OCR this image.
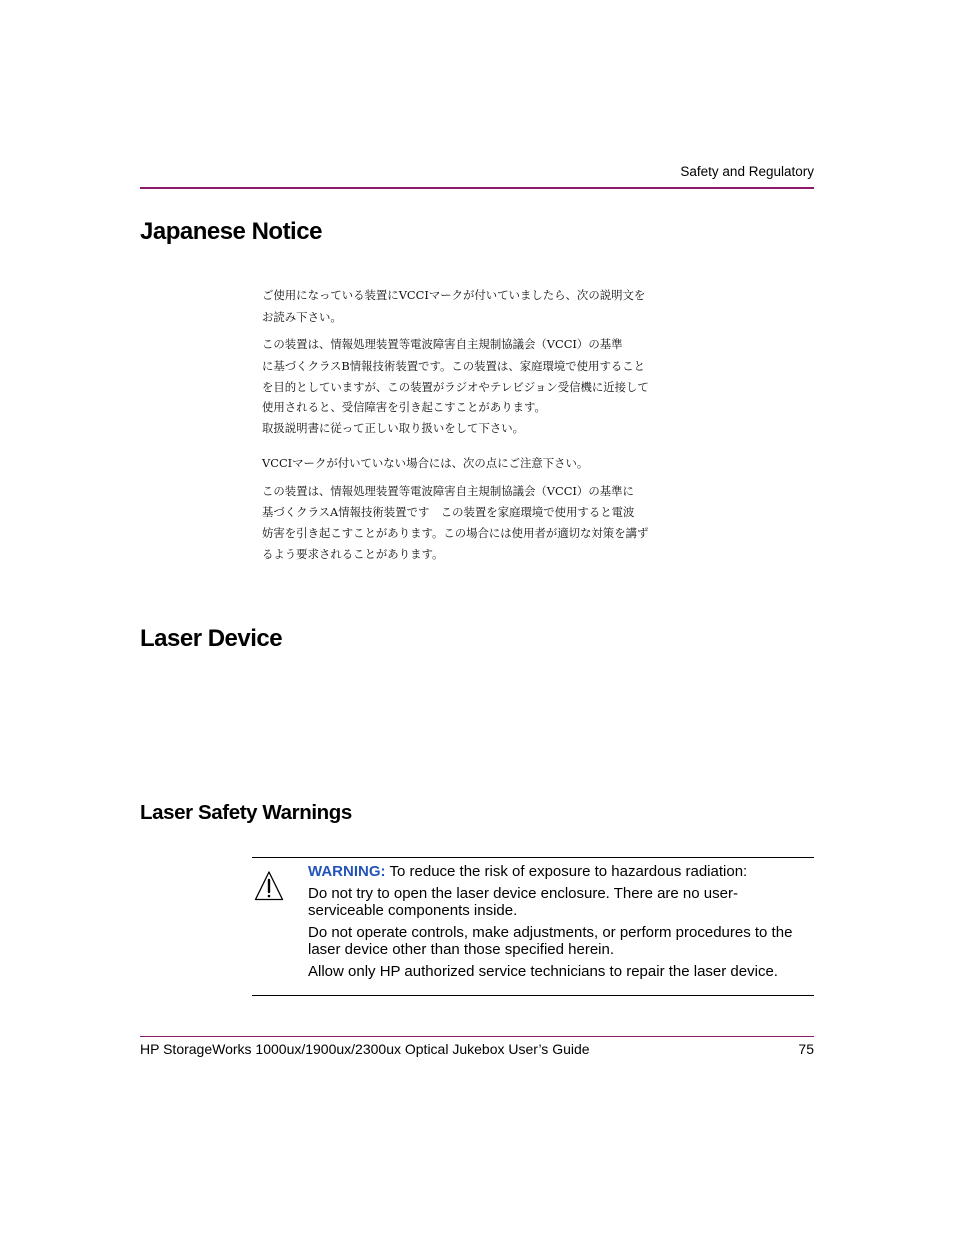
Safety and Regulatory
Japanese Notice
ご使用になっている装置にVCCIマークが付いていましたら、次の説明文を
お読み下さい。
この装置は、情報処理装置等電波障害自主規制協議会（VCCI）の基準
に基づくクラスB情報技術装置です。この装置は、家庭環境で使用すること
を目的としていますが、この装置がラジオやテレビジョン受信機に近接して
使用されると、受信障害を引き起こすことがあります。
取扱説明書に従って正しい取り扱いをして下さい。
VCCIマークが付いていない場合には、次の点にご注意下さい。
この装置は、情報処理装置等電波障害自主規制協議会（VCCI）の基準に
基づくクラスA情報技術装置です　この装置を家庭環境で使用すると電波
妨害を引き起こすことがあります。この場合には使用者が適切な対策を講ず
るよう要求されることがあります。
Laser Device
Laser Safety Warnings

WARNING: To reduce the risk of exposure to hazardous radiation:

Do not try to open the laser device enclosure. There are no user-serviceable components inside.

Do not operate controls, make adjustments, or perform procedures to the laser device other than those specified herein.

Allow only HP authorized service technicians to repair the laser device.

HP StorageWorks 1000ux/1900ux/2300ux Optical Jukebox User’s Guide	75
